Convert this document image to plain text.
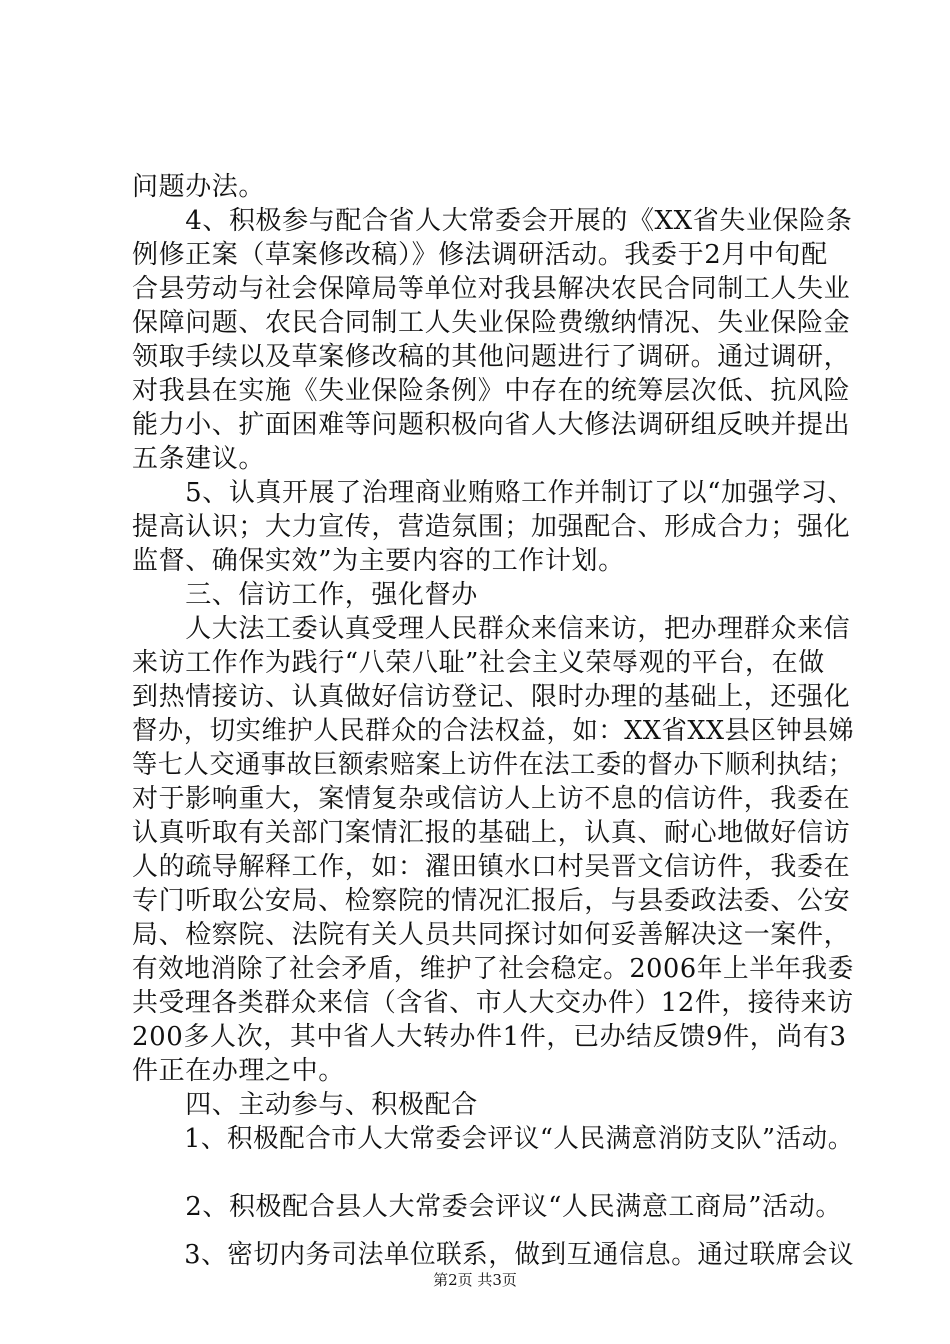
问题办法。
　　4、积极参与配合省人大常委会开展的《XX省失业保险条
例修正案（草案修改稿）》修法调研活动。我委于2月中旬配
合县劳动与社会保障局等单位对我县解决农民合同制工人失业
保障问题、农民合同制工人失业保险费缴纳情况、失业保险金
领取手续以及草案修改稿的其他问题进行了调研。通过调研，
对我县在实施《失业保险条例》中存在的统筹层次低、抗风险
能力小、扩面困难等问题积极向省人大修法调研组反映并提出
五条建议。
　　5、认真开展了治理商业贿赂工作并制订了以“加强学习、
提高认识；大力宣传，营造氛围；加强配合、形成合力；强化
监督、确保实效”为主要内容的工作计划。
　　三、信访工作，强化督办
　　人大法工委认真受理人民群众来信来访，把办理群众来信
来访工作作为践行“八荣八耻”社会主义荣辱观的平台，在做
到热情接访、认真做好信访登记、限时办理的基础上，还强化
督办，切实维护人民群众的合法权益，如：XX省XX县区钟县娣
等七人交通事故巨额索赔案上访件在法工委的督办下顺利执结；
对于影响重大，案情复杂或信访人上访不息的信访件，我委在
认真听取有关部门案情汇报的基础上，认真、耐心地做好信访
人的疏导解释工作，如：濯田镇水口村吴晋文信访件，我委在
专门听取公安局、检察院的情况汇报后，与县委政法委、公安
局、检察院、法院有关人员共同探讨如何妥善解决这一案件，
有效地消除了社会矛盾，维护了社会稳定。2006年上半年我委
共受理各类群众来信（含省、市人大交办件）12件，接待来访
200多人次，其中省人大转办件1件，已办结反馈9件，尚有3
件正在办理之中。
　　四、主动参与、积极配合
　　1、积极配合市人大常委会评议“人民满意消防支队”活动。
　　2、积极配合县人大常委会评议“人民满意工商局”活动。
　　3、密切内务司法单位联系，做到互通信息。通过联席会议
第2页 共3页
